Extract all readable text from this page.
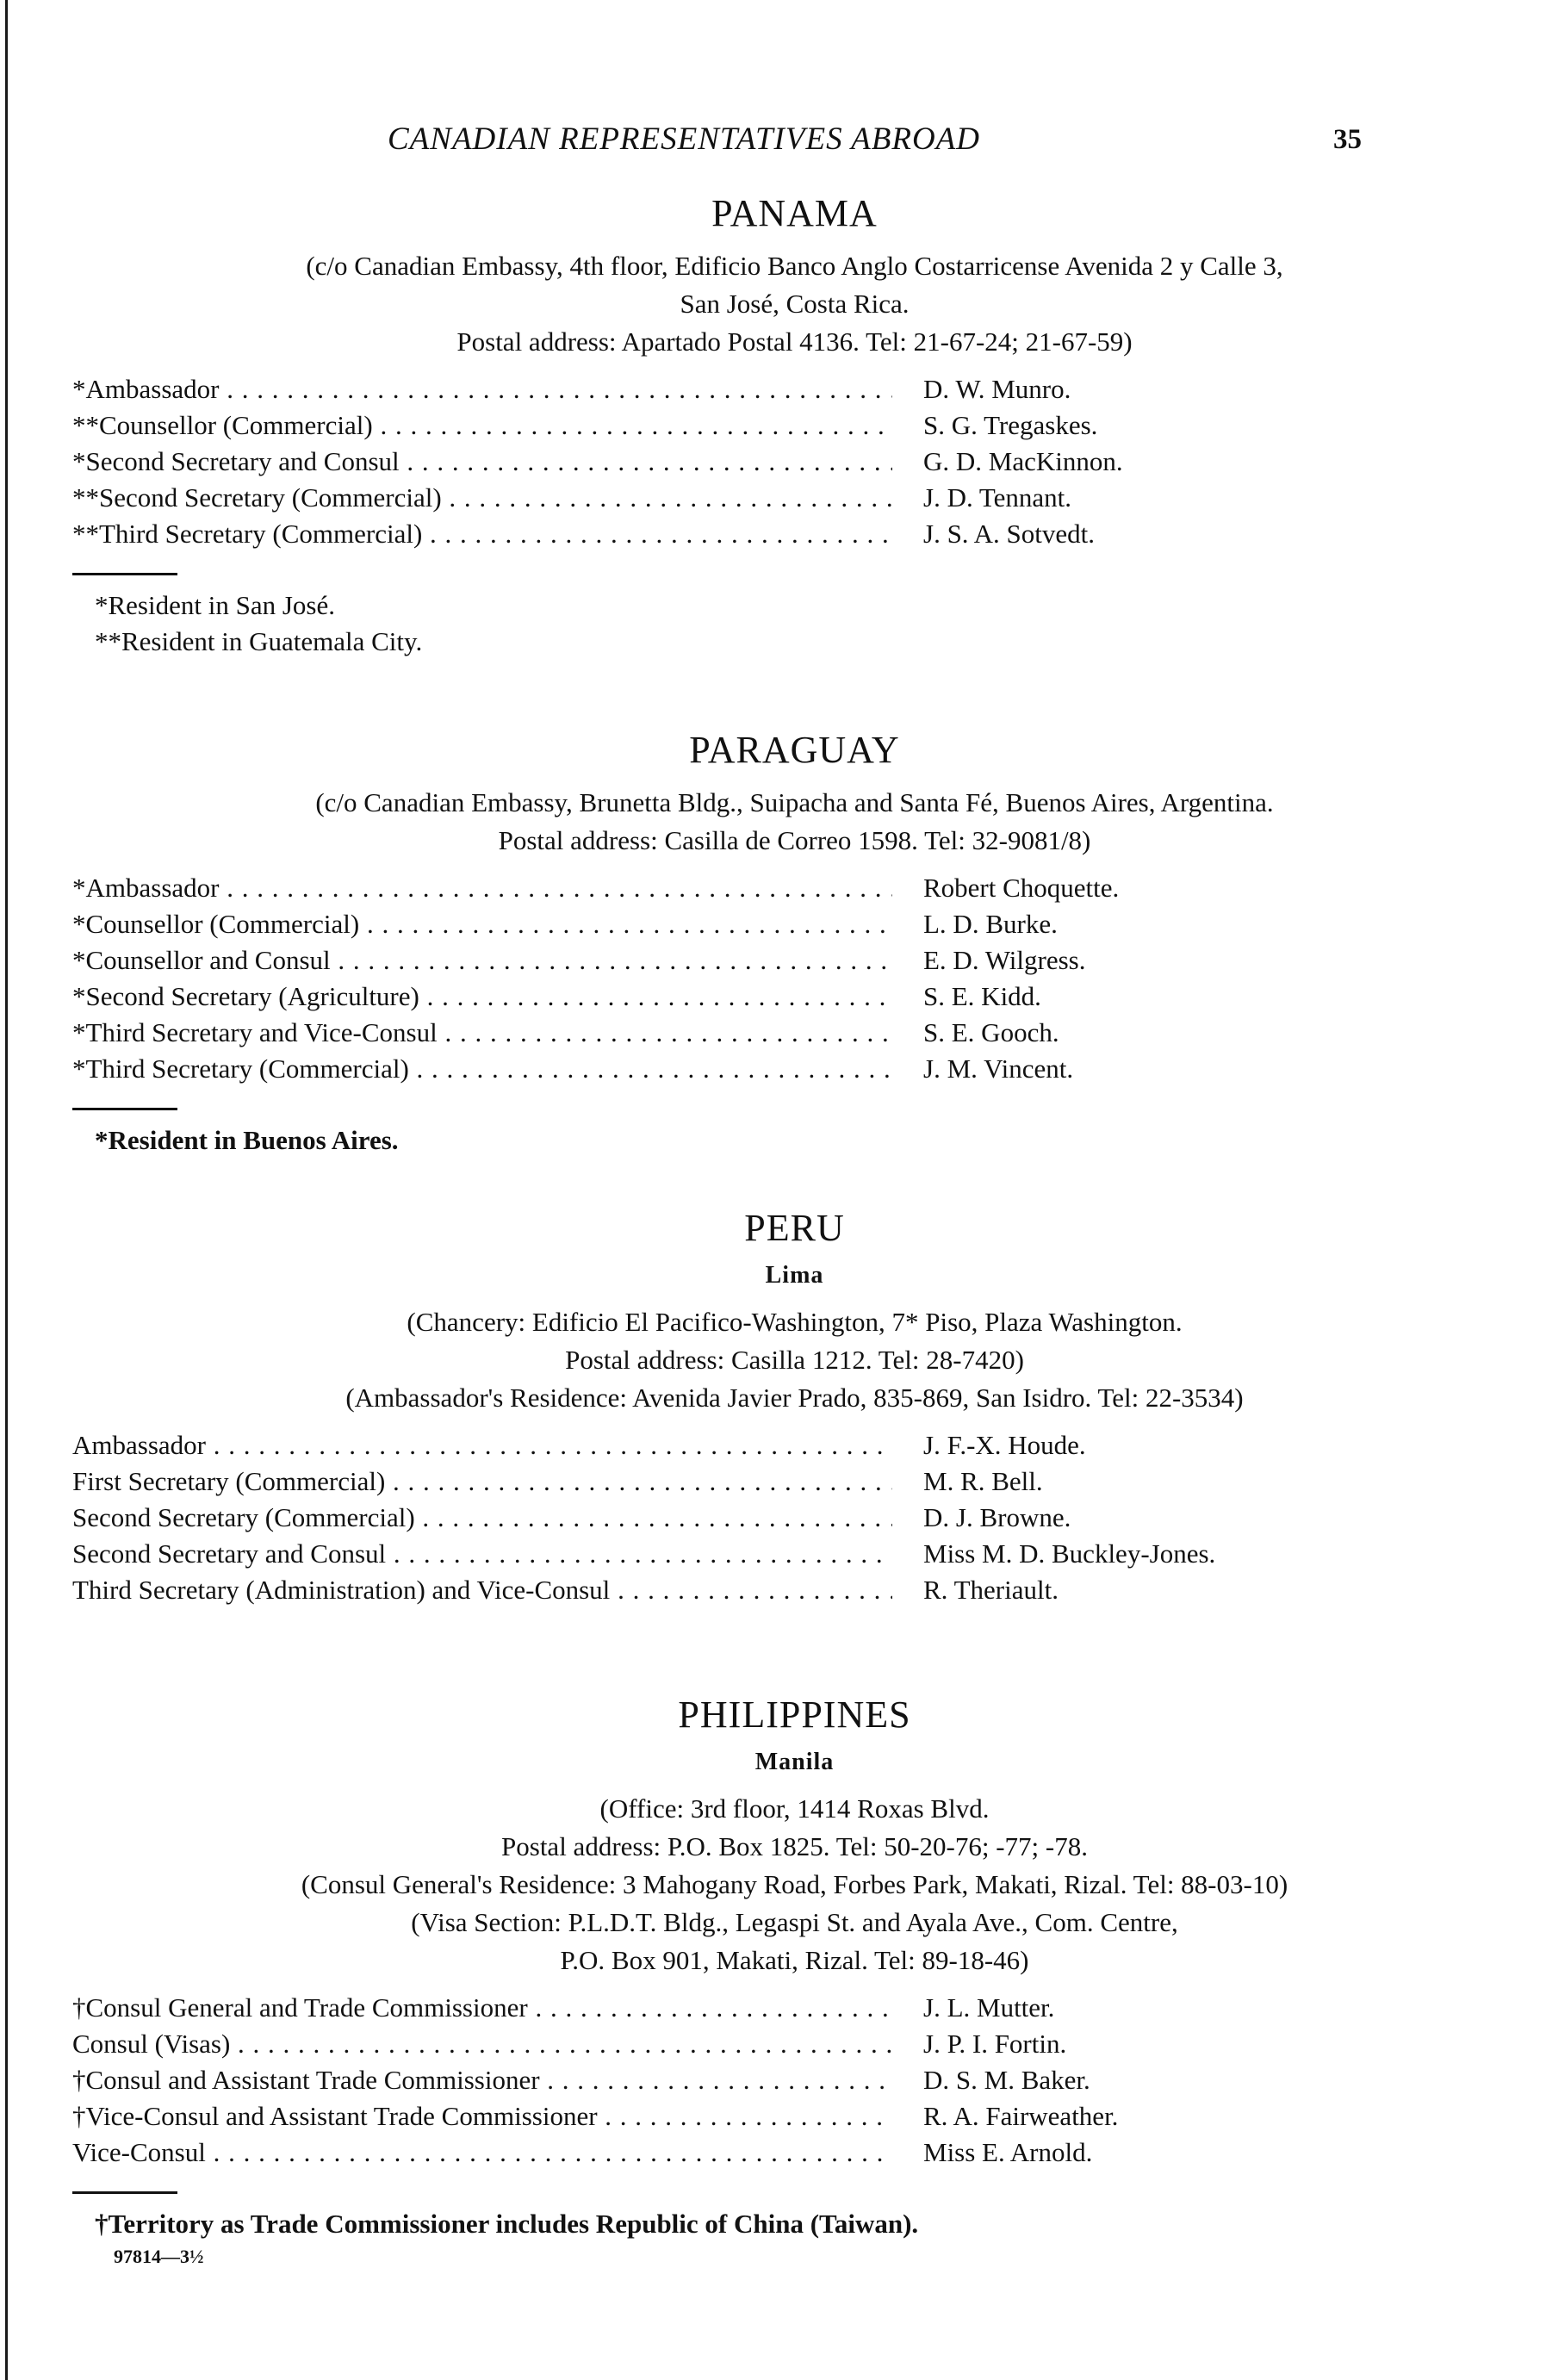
CANADIAN REPRESENTATIVES ABROAD	35
PANAMA
(c/o Canadian Embassy, 4th floor, Edificio Banco Anglo Costarricense Avenida 2 y Calle 3,
San José, Costa Rica.
Postal address: Apartado Postal 4136. Tel: 21-67-24; 21-67-59)
*Ambassador . . .	D. W. Munro.
**Counsellor (Commercial) . . .	S. G. Tregaskes.
*Second Secretary and Consul . . .	G. D. MacKinnon.
**Second Secretary (Commercial) . . .	J. D. Tennant.
**Third Secretary (Commercial) . . .	J. S. A. Sotvedt.
*Resident in San José.
**Resident in Guatemala City.
PARAGUAY
(c/o Canadian Embassy, Brunetta Bldg., Suipacha and Santa Fé, Buenos Aires, Argentina.
Postal address: Casilla de Correo 1598. Tel: 32-9081/8)
*Ambassador . . .	Robert Choquette.
*Counsellor (Commercial) . . .	L. D. Burke.
*Counsellor and Consul . . .	E. D. Wilgress.
*Second Secretary (Agriculture) . . .	S. E. Kidd.
*Third Secretary and Vice-Consul . . .	S. E. Gooch.
*Third Secretary (Commercial) . . .	J. M. Vincent.
*Resident in Buenos Aires.
PERU
Lima
(Chancery: Edificio El Pacifico-Washington, 7* Piso, Plaza Washington.
Postal address: Casilla 1212. Tel: 28-7420)
(Ambassador's Residence: Avenida Javier Prado, 835-869, San Isidro. Tel: 22-3534)
Ambassador . . .	J. F.-X. Houde.
First Secretary (Commercial) . . .	M. R. Bell.
Second Secretary (Commercial) . . .	D. J. Browne.
Second Secretary and Consul . . .	Miss M. D. Buckley-Jones.
Third Secretary (Administration) and Vice-Consul . . .	R. Theriault.
PHILIPPINES
Manila
(Office: 3rd floor, 1414 Roxas Blvd.
Postal address: P.O. Box 1825. Tel: 50-20-76; -77; -78.
(Consul General's Residence: 3 Mahogany Road, Forbes Park, Makati, Rizal. Tel: 88-03-10)
(Visa Section: P.L.D.T. Bldg., Legaspi St. and Ayala Ave., Com. Centre,
P.O. Box 901, Makati, Rizal. Tel: 89-18-46)
†Consul General and Trade Commissioner . . .	J. L. Mutter.
Consul (Visas) . . .	J. P. I. Fortin.
†Consul and Assistant Trade Commissioner . . .	D. S. M. Baker.
†Vice-Consul and Assistant Trade Commissioner . . .	R. A. Fairweather.
Vice-Consul . . .	Miss E. Arnold.
†Territory as Trade Commissioner includes Republic of China (Taiwan).
97814—3½
